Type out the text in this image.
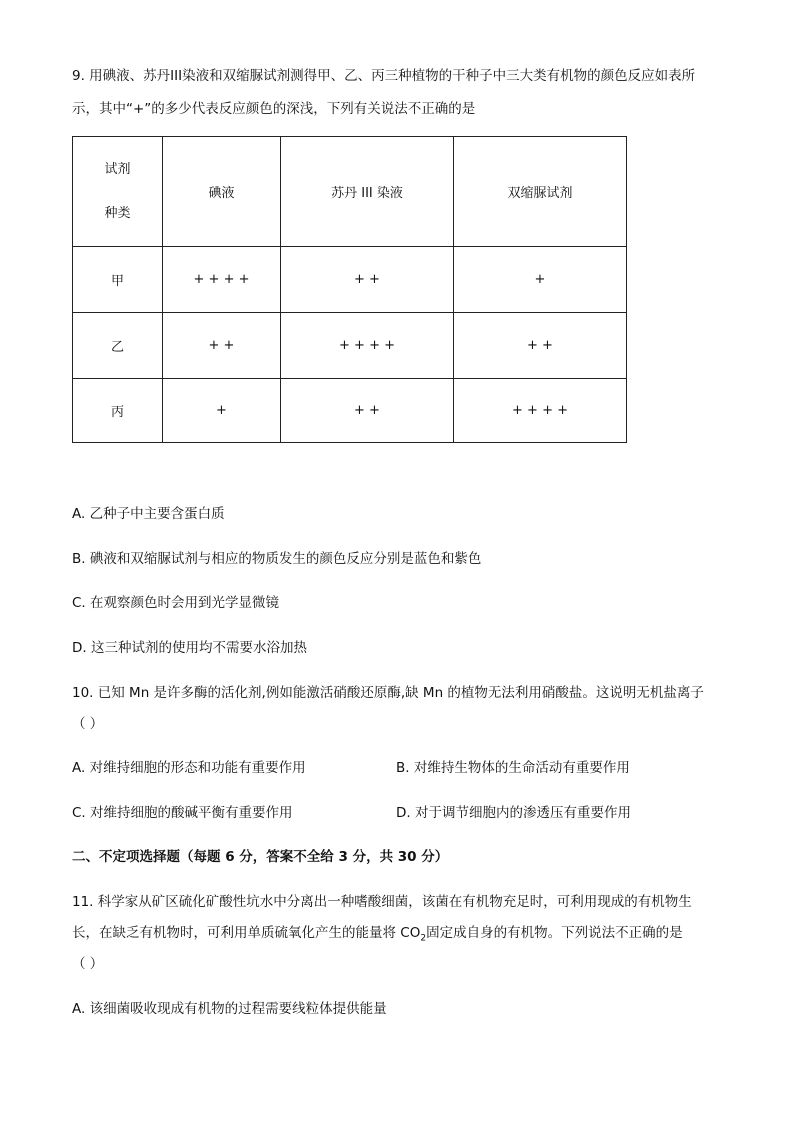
9. 用碘液、苏丹III染液和双缩脲试剂测得甲、乙、丙三种植物的干种子中三大类有机物的颜色反应如表所
示，其中“+”的多少代表反应颜色的深浅，下列有关说法不正确的是
试剂
种类	碘液	苏丹 III 染液	双缩脲试剂
甲	+ + + +	+ +	+
乙	+ +	+ + + +	+ +
丙	+	+ +	+ + + +
A. 乙种子中主要含蛋白质
B. 碘液和双缩脲试剂与相应的物质发生的颜色反应分别是蓝色和紫色
C. 在观察颜色时会用到光学显微镜
D. 这三种试剂的使用均不需要水浴加热
10. 已知 Mn 是许多酶的活化剂,例如能激活硝酸还原酶,缺 Mn 的植物无法利用硝酸盐。这说明无机盐离子
（ ）
A. 对维持细胞的形态和功能有重要作用	B. 对维持生物体的生命活动有重要作用
C. 对维持细胞的酸碱平衡有重要作用	D. 对于调节细胞内的渗透压有重要作用
二、不定项选择题（每题 6 分，答案不全给 3 分，共 30 分）
11. 科学家从矿区硫化矿酸性坑水中分离出一种嗜酸细菌，该菌在有机物充足时，可利用现成的有机物生
长，在缺乏有机物时，可利用单质硫氧化产生的能量将 $CO_2$固定成自身的有机物。下列说法不正确的是
（ ）
A. 该细菌吸收现成有机物的过程需要线粒体提供能量
